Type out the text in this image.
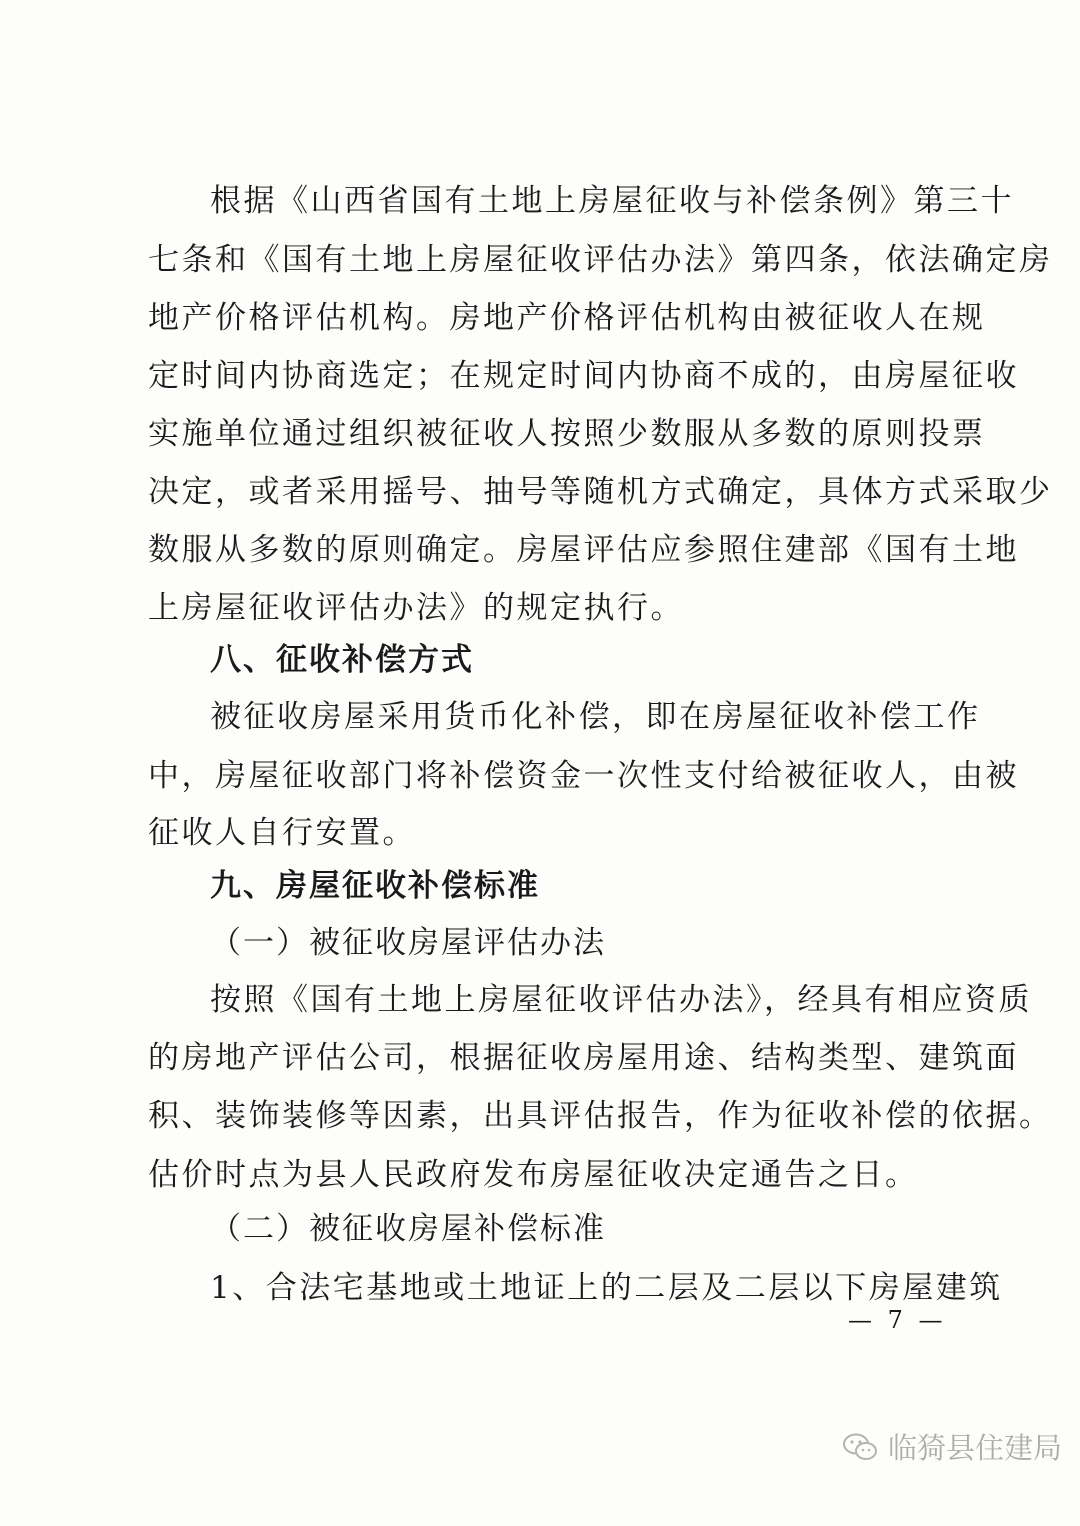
根据《山西省国有土地上房屋征收与补偿条例》第三十
七条和《国有土地上房屋征收评估办法》第四条，依法确定房
地产价格评估机构。房地产价格评估机构由被征收人在规
定时间内协商选定；在规定时间内协商不成的，由房屋征收
实施单位通过组织被征收人按照少数服从多数的原则投票
决定，或者采用摇号、抽号等随机方式确定，具体方式采取少
数服从多数的原则确定。房屋评估应参照住建部《国有土地
上房屋征收评估办法》的规定执行。
八、征收补偿方式
被征收房屋采用货币化补偿，即在房屋征收补偿工作
中，房屋征收部门将补偿资金一次性支付给被征收人，由被
征收人自行安置。
九、房屋征收补偿标准
（一）被征收房屋评估办法
按照《国有土地上房屋征收评估办法》，经具有相应资质
的房地产评估公司，根据征收房屋用途、结构类型、建筑面
积、装饰装修等因素，出具评估报告，作为征收补偿的依据。
估价时点为县人民政府发布房屋征收决定通告之日。
（二）被征收房屋补偿标准
1、合法宅基地或土地证上的二层及二层以下房屋建筑
— 7 —
临猗县住建局
